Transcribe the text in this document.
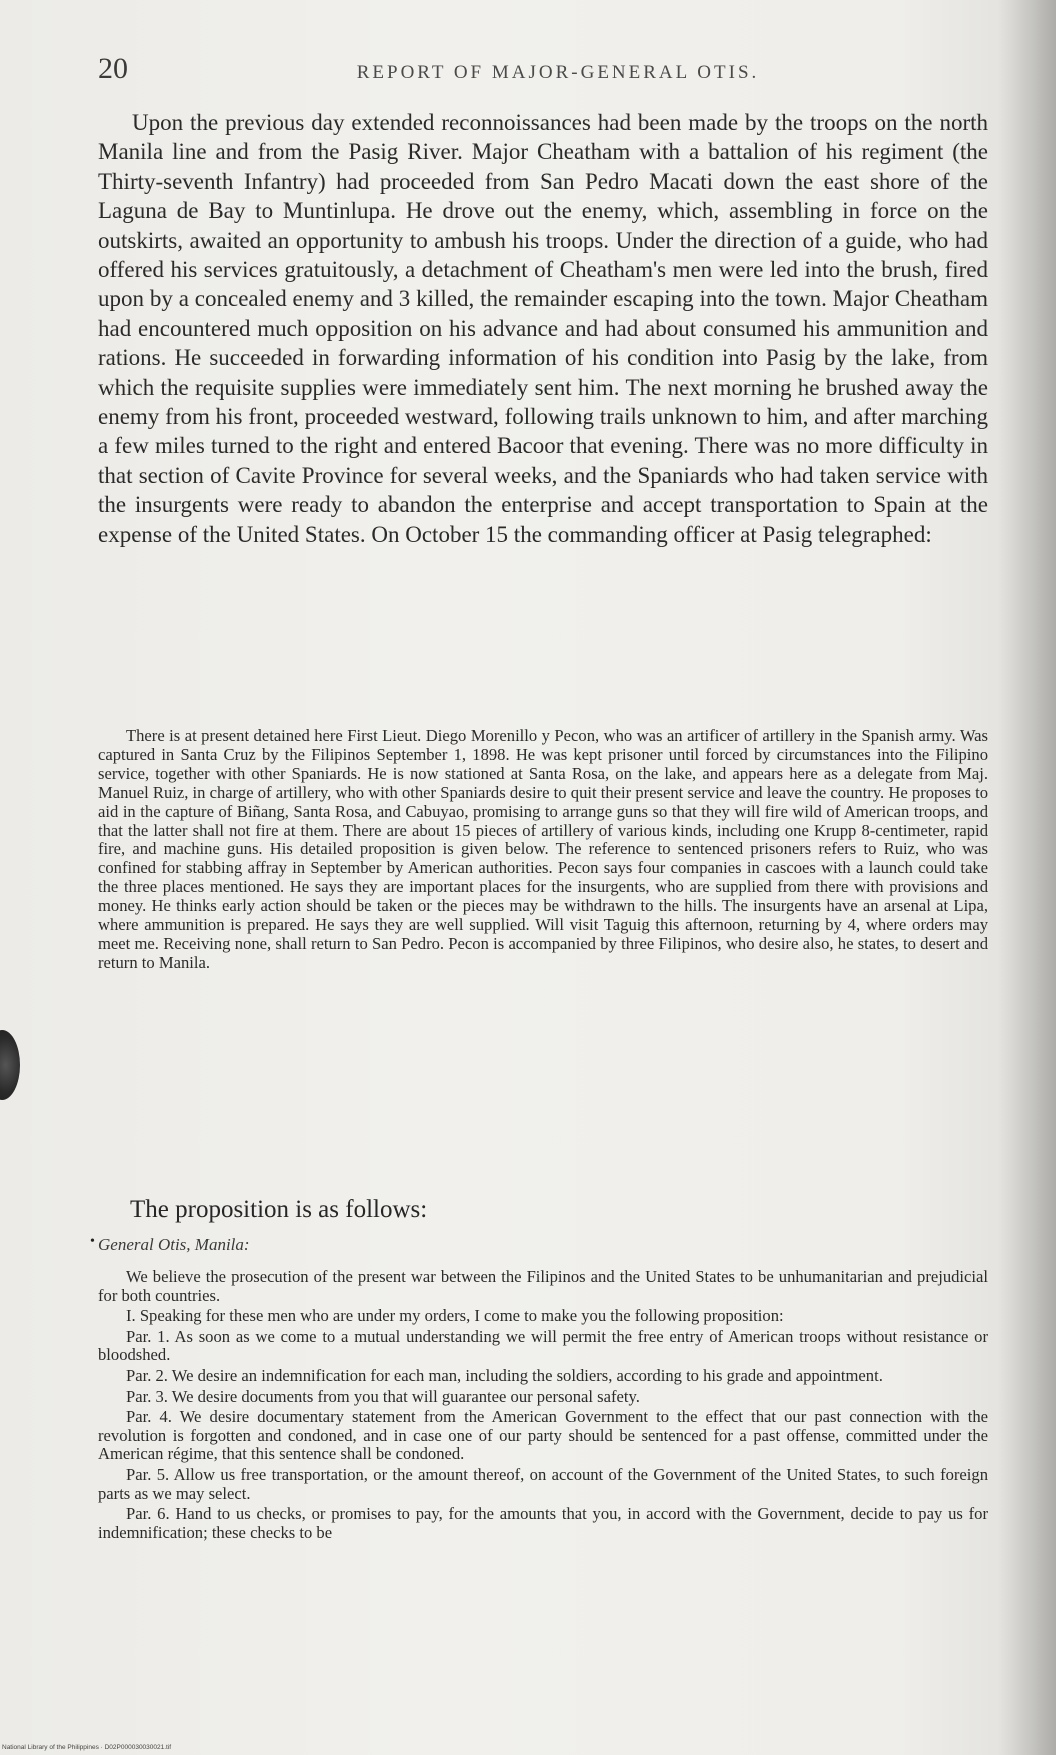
20	REPORT OF MAJOR-GENERAL OTIS.

Upon the previous day extended reconnoissances had been made by the troops on the north Manila line and from the Pasig River. Major Cheatham with a battalion of his regiment (the Thirty-seventh Infantry) had proceeded from San Pedro Macati down the east shore of the Laguna de Bay to Muntinlupa. He drove out the enemy, which, assembling in force on the outskirts, awaited an opportunity to ambush his troops. Under the direction of a guide, who had offered his services gratuitously, a detachment of Cheatham's men were led into the brush, fired upon by a concealed enemy and 3 killed, the remainder escaping into the town. Major Cheatham had encountered much opposition on his advance and had about consumed his ammunition and rations. He succeeded in forwarding information of his condition into Pasig by the lake, from which the requisite supplies were immediately sent him. The next morning he brushed away the enemy from his front, proceeded westward, following trails unknown to him, and after marching a few miles turned to the right and entered Bacoor that evening. There was no more difficulty in that section of Cavite Province for several weeks, and the Spaniards who had taken service with the insurgents were ready to abandon the enterprise and accept transportation to Spain at the expense of the United States. On October 15 the commanding officer at Pasig telegraphed:

There is at present detained here First Lieut. Diego Morenillo y Pecon, who was an artificer of artillery in the Spanish army. Was captured in Santa Cruz by the Filipinos September 1, 1898. He was kept prisoner until forced by circumstances into the Filipino service, together with other Spaniards. He is now stationed at Santa Rosa, on the lake, and appears here as a delegate from Maj. Manuel Ruiz, in charge of artillery, who with other Spaniards desire to quit their present service and leave the country. He proposes to aid in the capture of Biñang, Santa Rosa, and Cabuyao, promising to arrange guns so that they will fire wild of American troops, and that the latter shall not fire at them. There are about 15 pieces of artillery of various kinds, including one Krupp 8-centimeter, rapid fire, and machine guns. His detailed proposition is given below. The reference to sentenced prisoners refers to Ruiz, who was confined for stabbing affray in September by American authorities. Pecon says four companies in cascoes with a launch could take the three places mentioned. He says they are important places for the insurgents, who are supplied from there with provisions and money. He thinks early action should be taken or the pieces may be withdrawn to the hills. The insurgents have an arsenal at Lipa, where ammunition is prepared. He says they are well supplied. Will visit Taguig this afternoon, returning by 4, where orders may meet me. Receiving none, shall return to San Pedro. Pecon is accompanied by three Filipinos, who desire also, he states, to desert and return to Manila.

The proposition is as follows:

• General Otis, Manila:

We believe the prosecution of the present war between the Filipinos and the United States to be unhumanitarian and prejudicial for both countries.
I. Speaking for these men who are under my orders, I come to make you the following proposition:
Par. 1. As soon as we come to a mutual understanding we will permit the free entry of American troops without resistance or bloodshed.
Par. 2. We desire an indemnification for each man, including the soldiers, according to his grade and appointment.
Par. 3. We desire documents from you that will guarantee our personal safety.
Par. 4. We desire documentary statement from the American Government to the effect that our past connection with the revolution is forgotten and condoned, and in case one of our party should be sentenced for a past offense, committed under the American régime, that this sentence shall be condoned.
Par. 5. Allow us free transportation, or the amount thereof, on account of the Government of the United States, to such foreign parts as we may select.
Par. 6. Hand to us checks, or promises to pay, for the amounts that you, in accord with the Government, decide to pay us for indemnification; these checks to be
National Library of the Philippines · D02P000030030021.tif
